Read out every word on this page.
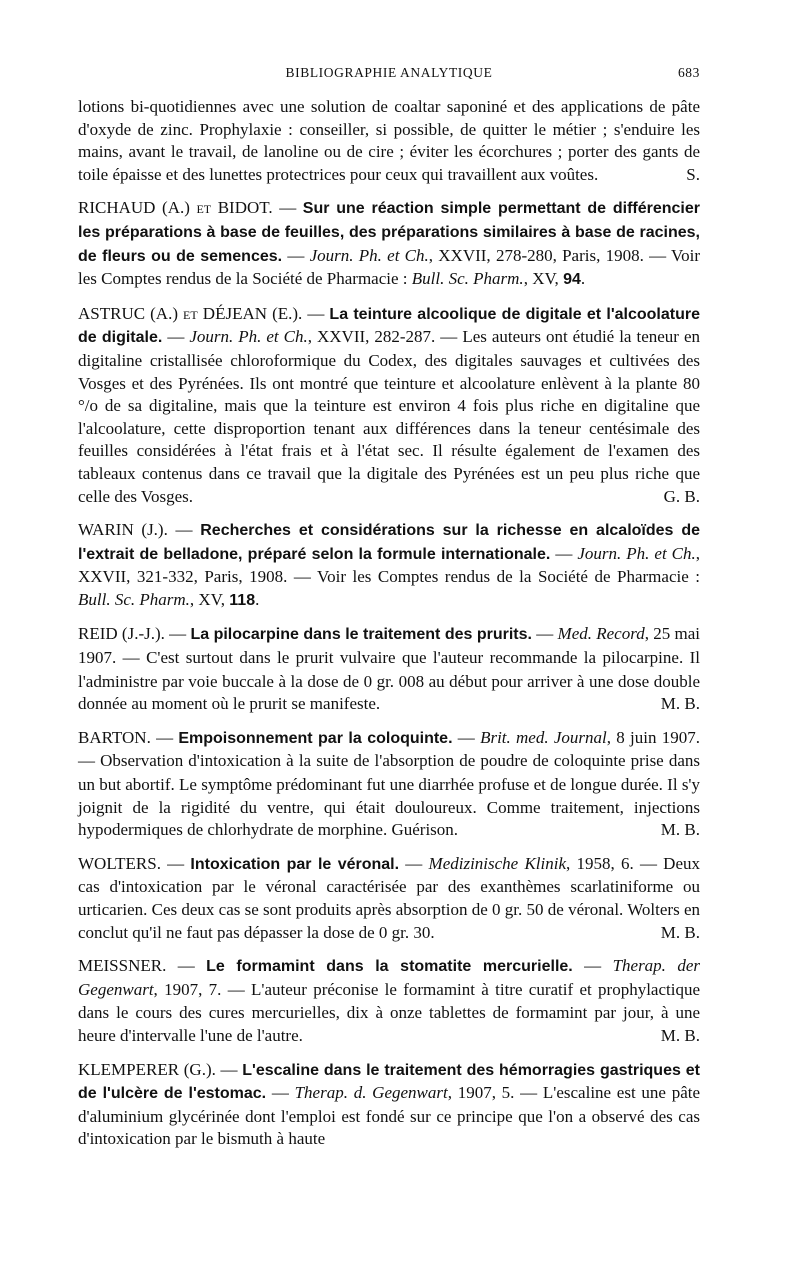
BIBLIOGRAPHIE ANALYTIQUE	683

lotions bi-quotidiennes avec une solution de coaltar saponiné et des applications de pâte d'oxyde de zinc. Prophylaxie : conseiller, si possible, de quitter le métier ; s'enduire les mains, avant le travail, de lanoline ou de cire ; éviter les écorchures ; porter des gants de toile épaisse et des lunettes protectrices pour ceux qui travaillent aux voûtes.	S.

RICHAUD (A.) et BIDOT. — Sur une réaction simple permettant de différencier les préparations à base de feuilles, des préparations similaires à base de racines, de fleurs ou de semences. — Journ. Ph. et Ch., XXVII, 278-280, Paris, 1908. — Voir les Comptes rendus de la Société de Pharmacie : Bull. Sc. Pharm., XV, 94.

ASTRUC (A.) et DÉJEAN (E.). — La teinture alcoolique de digitale et l'alcoolature de digitale. — Journ. Ph. et Ch., XXVII, 282-287. — Les auteurs ont étudié la teneur en digitaline cristallisée chloroformique du Codex, des digitales sauvages et cultivées des Vosges et des Pyrénées. Ils ont montré que teinture et alcoolature enlèvent à la plante 80 °/o de sa digitaline, mais que la teinture est environ 4 fois plus riche en digitaline que l'alcoolature, cette disproportion tenant aux différences dans la teneur centésimale des feuilles considérées à l'état frais et à l'état sec. Il résulte également de l'examen des tableaux contenus dans ce travail que la digitale des Pyrénées est un peu plus riche que celle des Vosges.	G. B.

WARIN (J.). — Recherches et considérations sur la richesse en alcaloïdes de l'extrait de belladone, préparé selon la formule internationale. — Journ. Ph. et Ch., XXVII, 321-332, Paris, 1908. — Voir les Comptes rendus de la Société de Pharmacie : Bull. Sc. Pharm., XV, 118.

REID (J.-J.). — La pilocarpine dans le traitement des prurits. — Med. Record, 25 mai 1907. — C'est surtout dans le prurit vulvaire que l'auteur recommande la pilocarpine. Il l'administre par voie buccale à la dose de 0 gr. 008 au début pour arriver à une dose double donnée au moment où le prurit se manifeste.	M. B.

BARTON. — Empoisonnement par la coloquinte. — Brit. med. Journal, 8 juin 1907. — Observation d'intoxication à la suite de l'absorption de poudre de coloquinte prise dans un but abortif. Le symptôme prédominant fut une diarrhée profuse et de longue durée. Il s'y joignit de la rigidité du ventre, qui était douloureux. Comme traitement, injections hypodermiques de chlorhydrate de morphine. Guérison.	M. B.

WOLTERS. — Intoxication par le véronal. — Medizinische Klinik, 1958, 6. — Deux cas d'intoxication par le véronal caractérisée par des exanthèmes scarlatiniforme ou urticarien. Ces deux cas se sont produits après absorption de 0 gr. 50 de véronal. Wolters en conclut qu'il ne faut pas dépasser la dose de 0 gr. 30.	M. B.

MEISSNER. — Le formamint dans la stomatite mercurielle. — Therap. der Gegenwart, 1907, 7. — L'auteur préconise le formamint à titre curatif et prophylactique dans le cours des cures mercurielles, dix à onze tablettes de formamint par jour, à une heure d'intervalle l'une de l'autre.	M. B.

KLEMPERER (G.). — L'escaline dans le traitement des hémorragies gastriques et de l'ulcère de l'estomac. — Therap. d. Gegenwart, 1907, 5. — L'escaline est une pâte d'aluminium glycérinée dont l'emploi est fondé sur ce principe que l'on a observé des cas d'intoxication par le bismuth à haute
